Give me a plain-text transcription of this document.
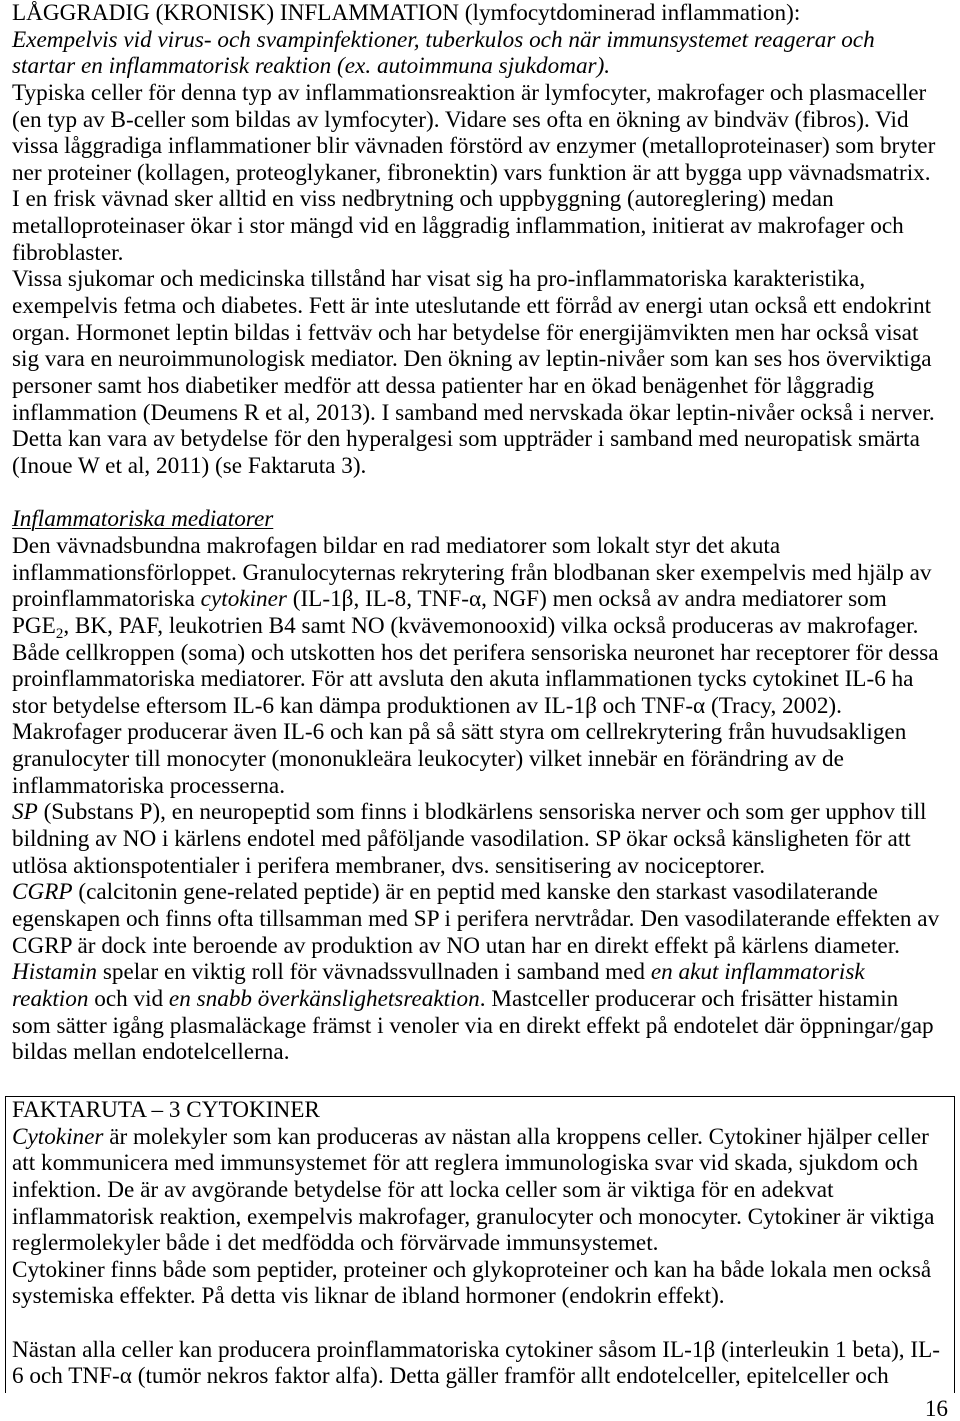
LÅGGRADIG (KRONISK) INFLAMMATION (lymfocytdominerad inflammation):
Exempelvis vid virus- och svampinfektioner, tuberkulos och när immunsystemet reagerar och
startar en inflammatorisk reaktion (ex. autoimmuna sjukdomar).
Typiska celler för denna typ av inflammationsreaktion är lymfocyter, makrofager och plasmaceller
(en typ av B-celler som bildas av lymfocyter). Vidare ses ofta en ökning av bindväv (fibros). Vid
vissa låggradiga inflammationer blir vävnaden förstörd av enzymer (metalloproteinaser) som bryter
ner proteiner (kollagen, proteoglykaner, fibronektin) vars funktion är att bygga upp vävnadsmatrix.
I en frisk vävnad sker alltid en viss nedbrytning och uppbyggning (autoreglering) medan
metalloproteinaser ökar i stor mängd vid en låggradig inflammation, initierat av makrofager och
fibroblaster.
Vissa sjukomar och medicinska tillstånd har visat sig ha pro-inflammatoriska karakteristika,
exempelvis fetma och diabetes. Fett är inte uteslutande ett förråd av energi utan också ett endokrint
organ. Hormonet leptin bildas i fettväv och har betydelse för energijämvikten men har också visat
sig vara en neuroimmunologisk mediator. Den ökning av leptin-nivåer som kan ses hos överviktiga
personer samt hos diabetiker medför att dessa patienter har en ökad benägenhet för låggradig
inflammation (Deumens R et al, 2013). I samband med nervskada ökar leptin-nivåer också i nerver.
Detta kan vara av betydelse för den hyperalgesi som uppträder i samband med neuropatisk smärta
(Inoue W et al, 2011) (se Faktaruta 3).
Inflammatoriska mediatorer
Den vävnadsbundna makrofagen bildar en rad mediatorer som lokalt styr det akuta
inflammationsförloppet. Granulocyternas rekrytering från blodbanan sker exempelvis med hjälp av
proinflammatoriska cytokiner (IL-1β, IL-8, TNF-α, NGF) men också av andra mediatorer som
$PGE_2$, BK, PAF, leukotrien B4 samt NO (kvävemonooxid) vilka också produceras av makrofager.
Både cellkroppen (soma) och utskotten hos det perifera sensoriska neuronet har receptorer för dessa
proinflammatoriska mediatorer. För att avsluta den akuta inflammationen tycks cytokinet IL-6 ha
stor betydelse eftersom IL-6 kan dämpa produktionen av IL-1β och TNF-α (Tracy, 2002).
Makrofager producerar även IL-6 och kan på så sätt styra om cellrekrytering från huvudsakligen
granulocyter till monocyter (mononukleära leukocyter) vilket innebär en förändring av de
inflammatoriska processerna.
SP (Substans P), en neuropeptid som finns i blodkärlens sensoriska nerver och som ger upphov till
bildning av NO i kärlens endotel med påföljande vasodilation. SP ökar också känsligheten för att
utlösa aktionspotentialer i perifera membraner, dvs. sensitisering av nociceptorer.
CGRP (calcitonin gene-related peptide) är en peptid med kanske den starkast vasodilaterande
egenskapen och finns ofta tillsamman med SP i perifera nervtrådar. Den vasodilaterande effekten av
CGRP är dock inte beroende av produktion av NO utan har en direkt effekt på kärlens diameter.
Histamin spelar en viktig roll för vävnadssvullnaden i samband med en akut inflammatorisk
reaktion och vid en snabb överkänslighetsreaktion. Mastceller producerar och frisätter histamin
som sätter igång plasmaläckage främst i venoler via en direkt effekt på endotelet där öppningar/gap
bildas mellan endotelcellerna.
FAKTARUTA – 3 CYTOKINER
Cytokiner är molekyler som kan produceras av nästan alla kroppens celler. Cytokiner hjälper celler
att kommunicera med immunsystemet för att reglera immunologiska svar vid skada, sjukdom och
infektion. De är av avgörande betydelse för att locka celler som är viktiga för en adekvat
inflammatorisk reaktion, exempelvis makrofager, granulocyter och monocyter. Cytokiner är viktiga
reglermolekyler både i det medfödda och förvärvade immunsystemet.
Cytokiner finns både som peptider, proteiner och glykoproteiner och kan ha både lokala men också
systemiska effekter. På detta vis liknar de ibland hormoner (endokrin effekt).
Nästan alla celler kan producera proinflammatoriska cytokiner såsom IL-1β (interleukin 1 beta), IL-
6 och TNF-α (tumör nekros faktor alfa). Detta gäller framför allt endotelceller, epitelceller och
16
